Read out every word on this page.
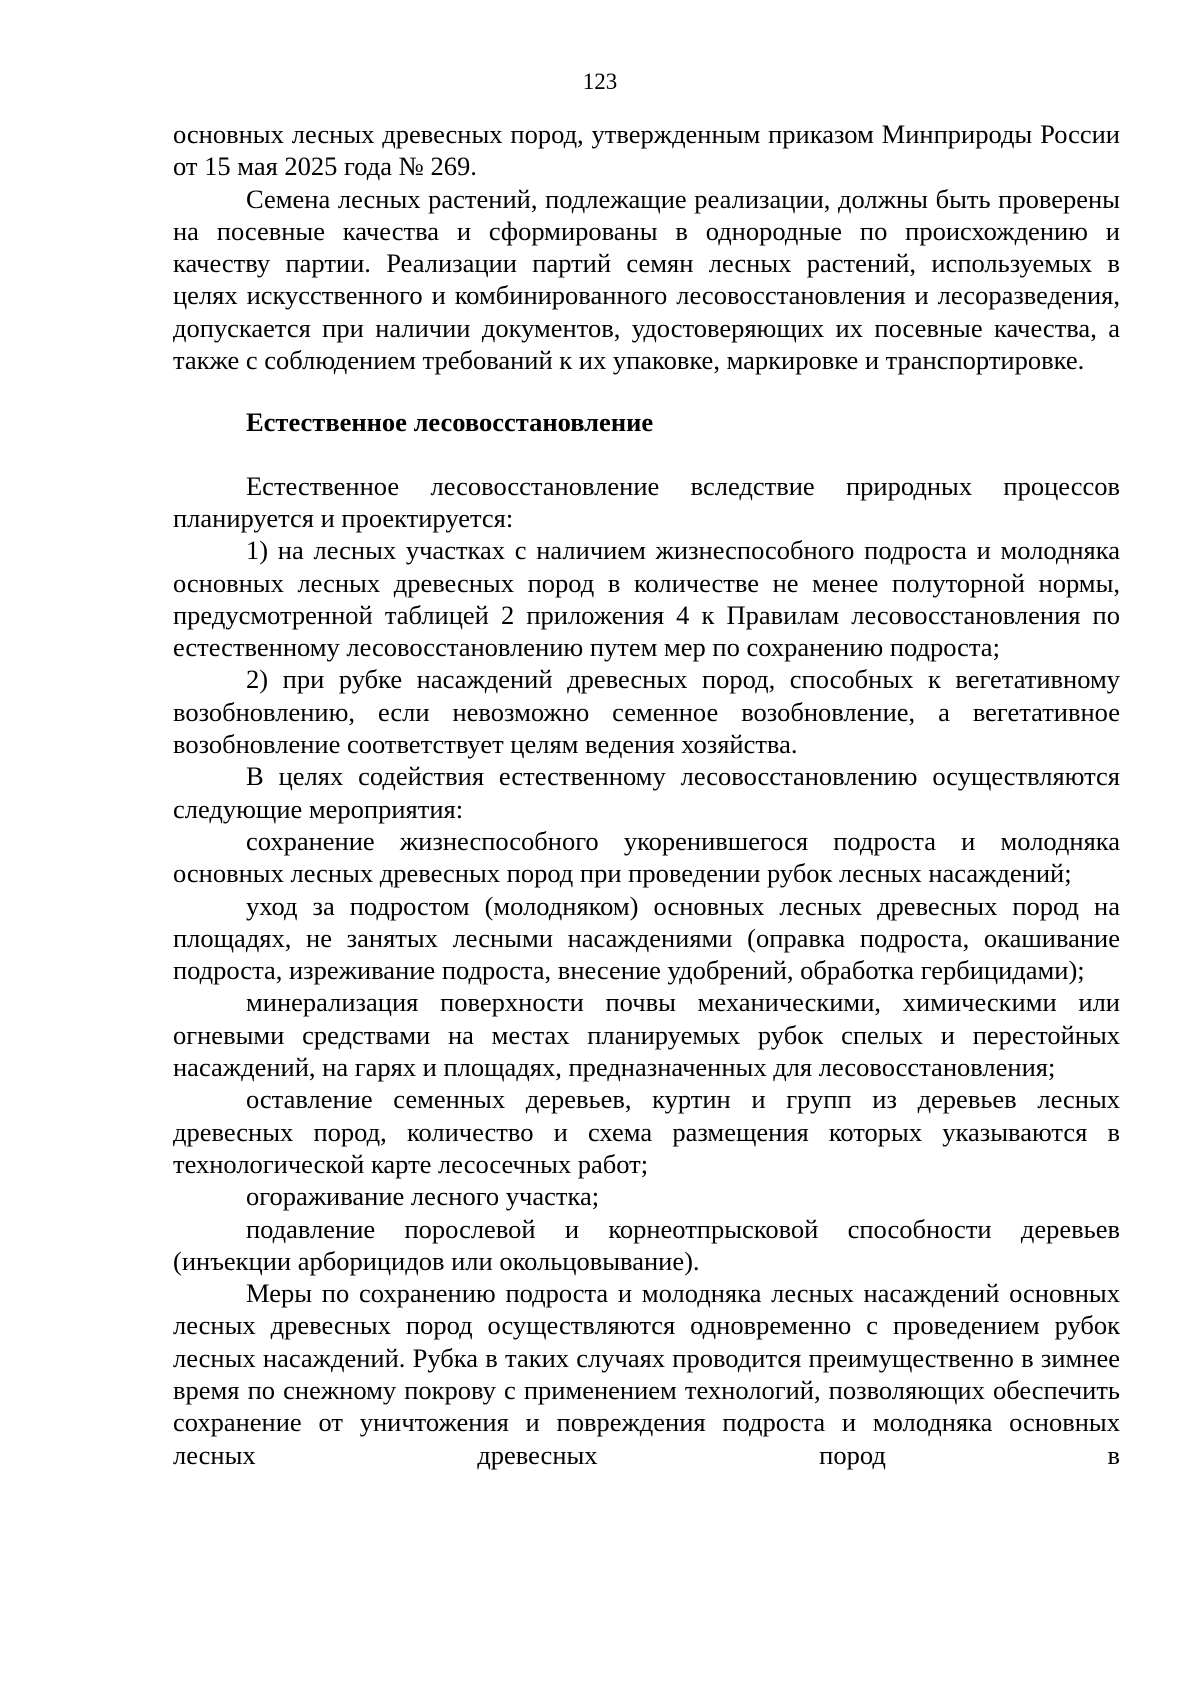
123

основных лесных древесных пород, утвержденным приказом Минприроды России от 15 мая 2025 года № 269.

Семена лесных растений, подлежащие реализации, должны быть проверены на посевные качества и сформированы в однородные по происхождению и качеству партии. Реализации партий семян лесных растений, используемых в целях искусственного и комбинированного лесовосстановления и лесоразведения, допускается при наличии документов, удостоверяющих их посевные качества, а также с соблюдением требований к их упаковке, маркировке и транспортировке.

Естественное лесовосстановление

Естественное лесовосстановление вследствие природных процессов планируется и проектируется:

1) на лесных участках с наличием жизнеспособного подроста и молодняка основных лесных древесных пород в количестве не менее полуторной нормы, предусмотренной таблицей 2 приложения 4 к Правилам лесовосстановления по естественному лесовосстановлению путем мер по сохранению подроста;

2) при рубке насаждений древесных пород, способных к вегетативному возобновлению, если невозможно семенное возобновление, а вегетативное возобновление соответствует целям ведения хозяйства.

В целях содействия естественному лесовосстановлению осуществляются следующие мероприятия:

сохранение жизнеспособного укоренившегося подроста и молодняка основных лесных древесных пород при проведении рубок лесных насаждений;

уход за подростом (молодняком) основных лесных древесных пород на площадях, не занятых лесными насаждениями (оправка подроста, окашивание подроста, изреживание подроста, внесение удобрений, обработка гербицидами);

минерализация поверхности почвы механическими, химическими или огневыми средствами на местах планируемых рубок спелых и перестойных насаждений, на гарях и площадях, предназначенных для лесовосстановления;

оставление семенных деревьев, куртин и групп из деревьев лесных древесных пород, количество и схема размещения которых указываются в технологической карте лесосечных работ;

огораживание лесного участка;

подавление порослевой и корнеотпрысковой способности деревьев (инъекции арборицидов или окольцовывание).

Меры по сохранению подроста и молодняка лесных насаждений основных лесных древесных пород осуществляются одновременно с проведением рубок лесных насаждений. Рубка в таких случаях проводится преимущественно в зимнее время по снежному покрову с применением технологий, позволяющих обеспечить сохранение от уничтожения и повреждения подроста и молодняка основных лесных древесных пород в
